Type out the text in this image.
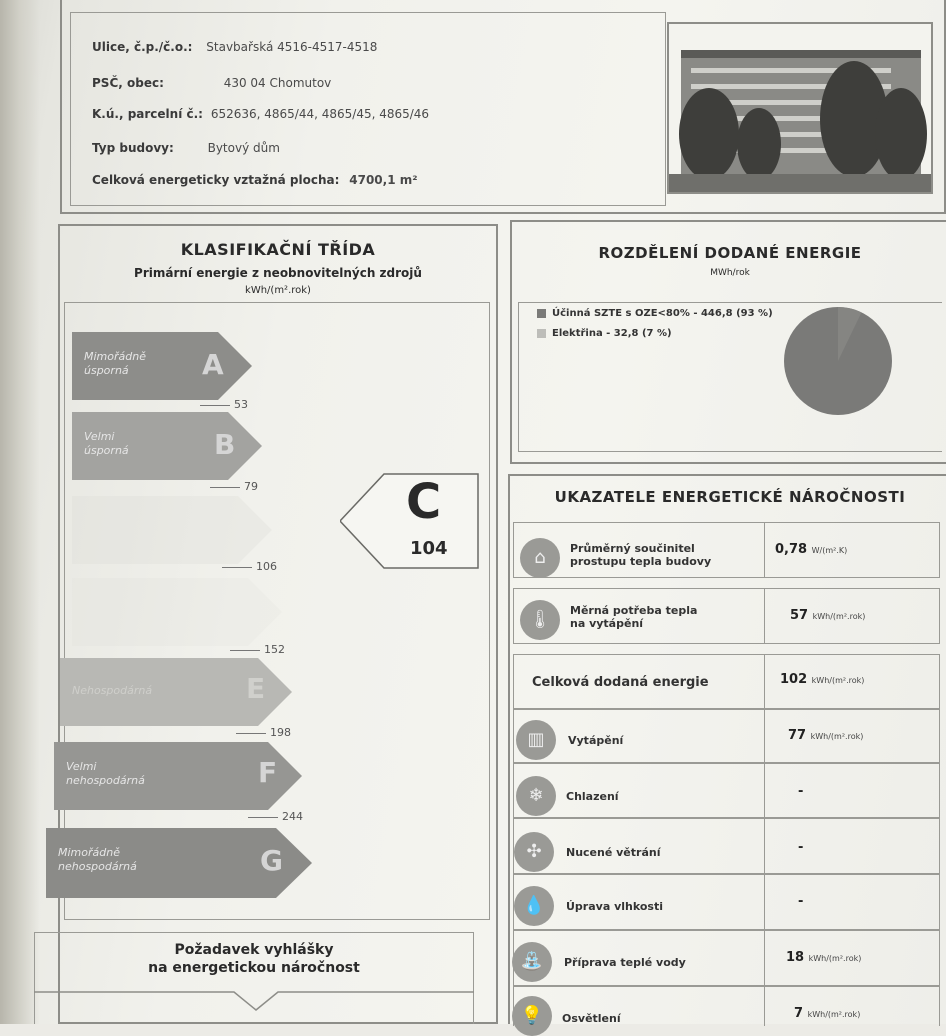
Ulice, č.p./č.o.: Stavbařská 4516-4517-4518
PSČ, obec:	430 04 Chomutov
K.ú., parcelní č.: 652636, 4865/44, 4865/45, 4865/46
Typ budovy:	Bytový dům
Celková energeticky vztažná plocha: 4700,1 m²
KLASIFIKAČNÍ TŘÍDA
Primární energie z neobnovitelných zdrojů
kWh/(m².rok)
Mimořádně úsporná	A
53
Velmi úsporná	B
79
106
152
Nehospodárná	E
198
Velmi nehospodárná	F
244
Mimořádně nehospodárná	G
C
104
Požadavek vyhlášky
na energetickou náročnost
ROZDĚLENÍ DODANÉ ENERGIE
MWh/rok
Účinná SZTE s OZE<80% - 446,8 (93 %)
Elektřina - 32,8 (7 %)
UKAZATELE ENERGETICKÉ NÁROČNOSTI
⌂	Průměrný součinitel
prostupu tepla budovy
0,78 W/(m².K)
🌡	Měrná potřeba tepla
na vytápění
57 kWh/(m².rok)
Celková dodaná energie	102 kWh/(m².rok)
▥	Vytápění	77 kWh/(m².rok)
❄	Chlazení	-
✣	Nucené větrání	-
💧	Úprava vlhkosti	-
⛲	Příprava teplé vody	18 kWh/(m².rok)
💡	Osvětlení	7 kWh/(m².rok)
